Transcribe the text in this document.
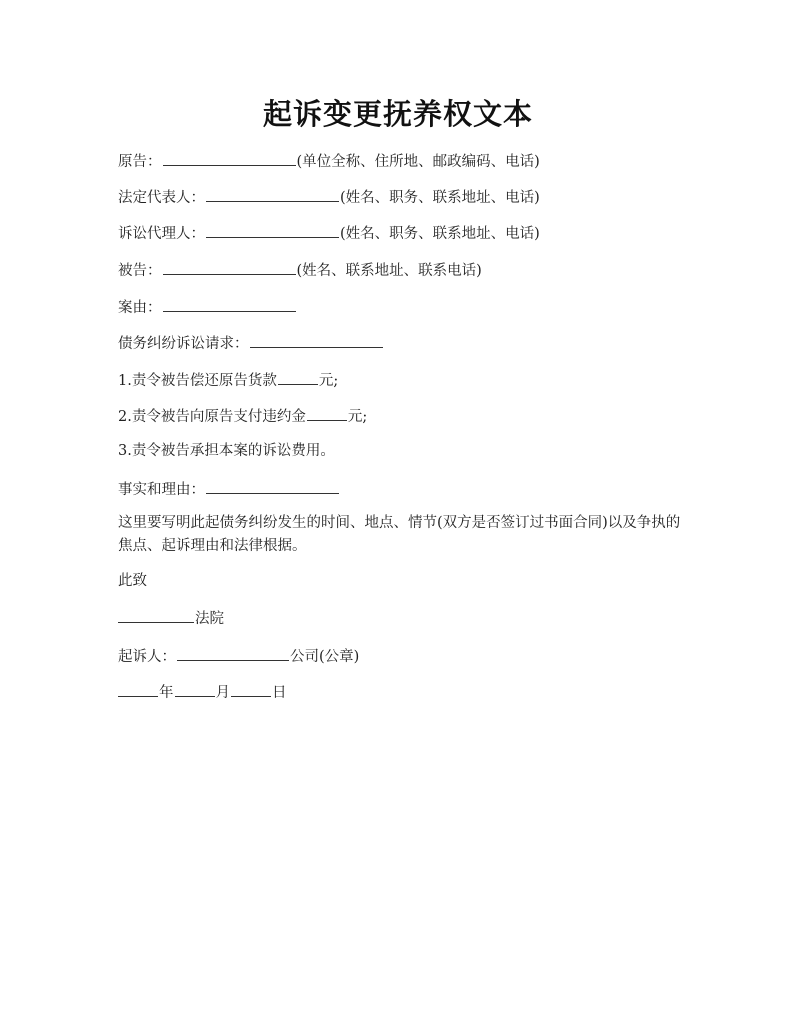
起诉变更抚养权文本
原告：	(单位全称、住所地、邮政编码、电话)
法定代表人：	(姓名、职务、联系地址、电话)
诉讼代理人：	(姓名、职务、联系地址、电话)
被告：	(姓名、联系地址、联系电话)
案由：
债务纠纷诉讼请求：
1.责令被告偿还原告货款	元;
2.责令被告向原告支付违约金	元;
3.责令被告承担本案的诉讼费用。
事实和理由：
这里要写明此起债务纠纷发生的时间、地点、情节(双方是否签订过书面合同)以及争执的焦点、起诉理由和法律根据。
此致
法院
起诉人：	公司(公章)
年	月	日
